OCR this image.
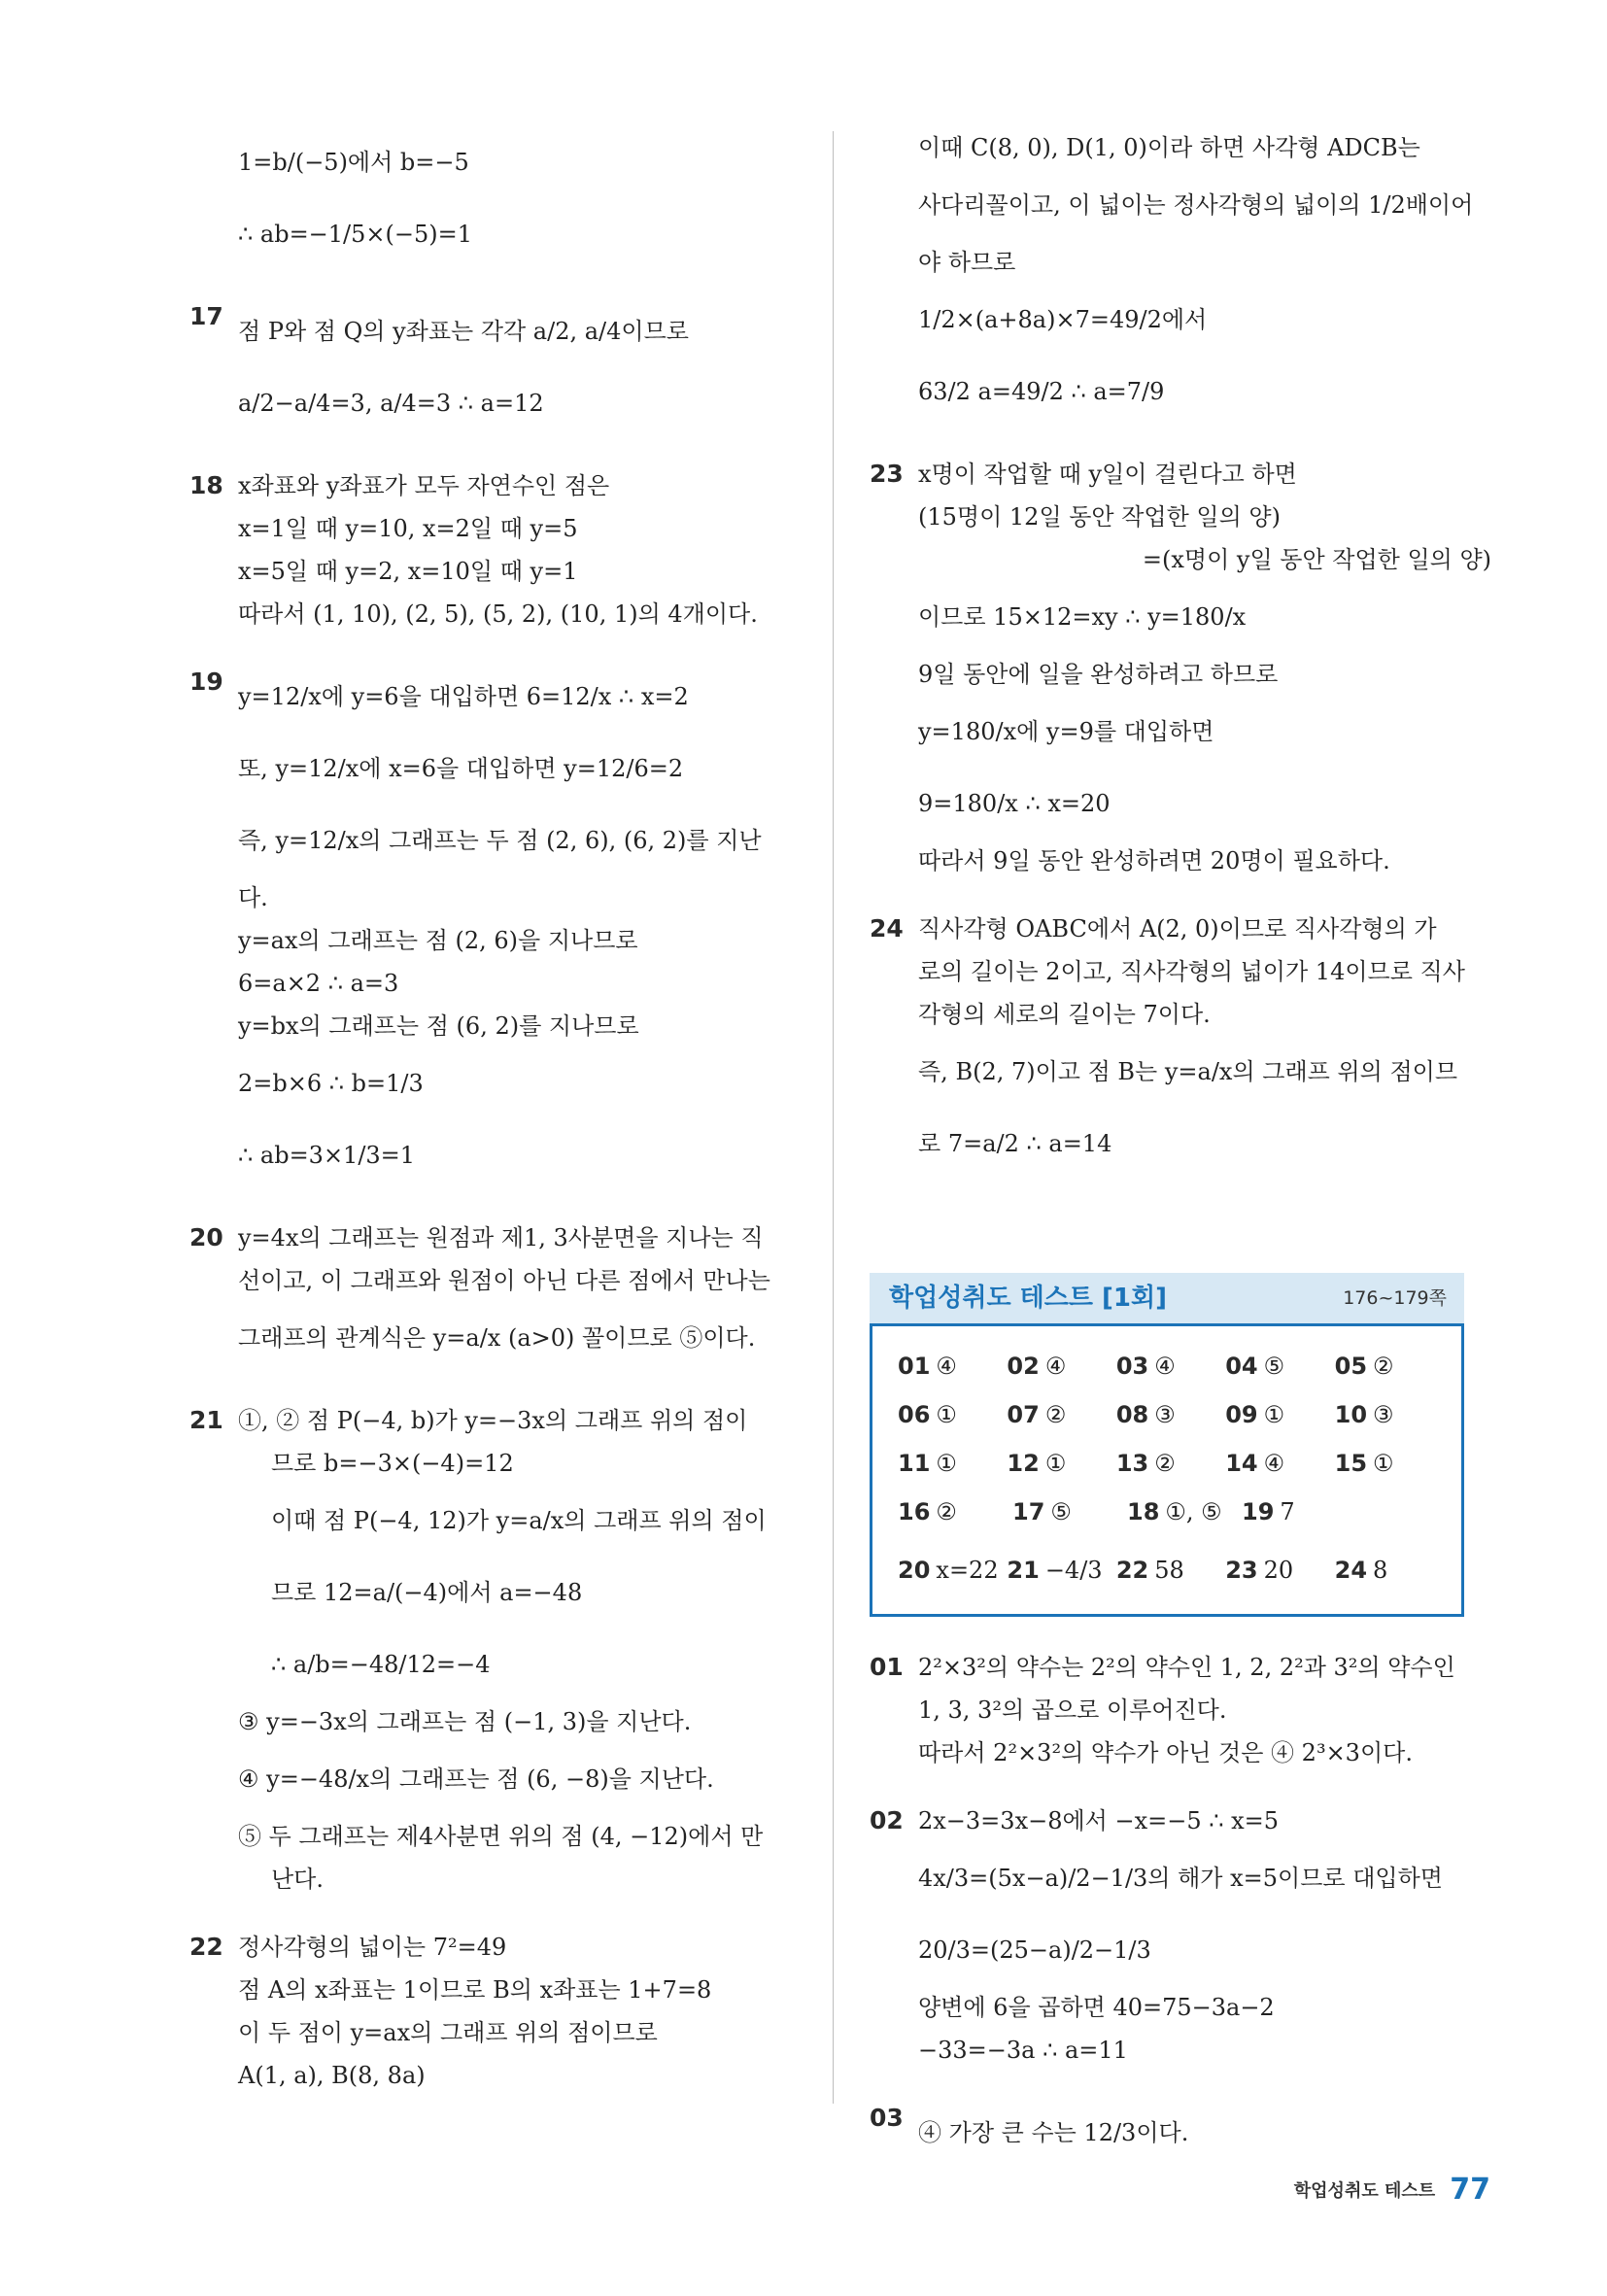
1=b/(−5)에서 b=−5
∴ ab=−1/5×(−5)=1
17
점 P와 점 Q의 y좌표는 각각 a/2, a/4이므로
a/2−a/4=3, a/4=3 ∴ a=12
18 x좌표와 y좌표가 모두 자연수인 점은
x=1일 때 y=10, x=2일 때 y=5
x=5일 때 y=2, x=10일 때 y=1
따라서 (1, 10), (2, 5), (5, 2), (10, 1)의 4개이다.
19
y=12/x에 y=6을 대입하면 6=12/x ∴ x=2
또, y=12/x에 x=6을 대입하면 y=12/6=2
즉, y=12/x의 그래프는 두 점 (2, 6), (6, 2)를 지난
다.
y=ax의 그래프는 점 (2, 6)을 지나므로
6=a×2 ∴ a=3
y=bx의 그래프는 점 (6, 2)를 지나므로
2=b×6 ∴ b=1/3
∴ ab=3×1/3=1
20 y=4x의 그래프는 원점과 제1, 3사분면을 지나는 직
선이고, 이 그래프와 원점이 아닌 다른 점에서 만나는
그래프의 관계식은 y=a/x (a>0) 꼴이므로 ⑤이다.
21 ①, ② 점 P(−4, b)가 y=−3x의 그래프 위의 점이
므로 b=−3×(−4)=12
이때 점 P(−4, 12)가 y=a/x의 그래프 위의 점이
므로 12=a/(−4)에서 a=−48
∴ a/b=−48/12=−4
③ y=−3x의 그래프는 점 (−1, 3)을 지난다.
④ y=−48/x의 그래프는 점 (6, −8)을 지난다.
⑤ 두 그래프는 제4사분면 위의 점 (4, −12)에서 만
난다.
22 정사각형의 넓이는 7²=49
점 A의 x좌표는 1이므로 B의 x좌표는 1+7=8
이 두 점이 y=ax의 그래프 위의 점이므로
A(1, a), B(8, 8a)
이때 C(8, 0), D(1, 0)이라 하면 사각형 ADCB는
사다리꼴이고, 이 넓이는 정사각형의 넓이의 1/2배이어
야 하므로
1/2×(a+8a)×7=49/2에서
63/2 a=49/2 ∴ a=7/9
23 x명이 작업할 때 y일이 걸린다고 하면
(15명이 12일 동안 작업한 일의 양)
=(x명이 y일 동안 작업한 일의 양)
이므로 15×12=xy ∴ y=180/x
9일 동안에 일을 완성하려고 하므로
y=180/x에 y=9를 대입하면
9=180/x ∴ x=20
따라서 9일 동안 완성하려면 20명이 필요하다.
24 직사각형 OABC에서 A(2, 0)이므로 직사각형의 가
로의 길이는 2이고, 직사각형의 넓이가 14이므로 직사
각형의 세로의 길이는 7이다.
즉, B(2, 7)이고 점 B는 y=a/x의 그래프 위의 점이므
로 7=a/2 ∴ a=14
학업성취도 테스트 [1회]	176~179쪽
01 ④	02 ④	03 ④	04 ⑤	05 ②
06 ①	07 ②	08 ③	09 ①	10 ③
11 ①	12 ①	13 ②	14 ④	15 ①
16 ②	17 ⑤	18 ①, ⑤ 19 7
20 x=22 21 −4/3 22 58	23 20	24 8
01 2²×3²의 약수는 2²의 약수인 1, 2, 2²과 3²의 약수인
1, 3, 3²의 곱으로 이루어진다.
따라서 2²×3²의 약수가 아닌 것은 ④ 2³×3이다.
02 2x−3=3x−8에서 −x=−5 ∴ x=5
4x/3=(5x−a)/2−1/3의 해가 x=5이므로 대입하면
20/3=(25−a)/2−1/3
양변에 6을 곱하면 40=75−3a−2
−33=−3a ∴ a=11
03
④ 가장 큰 수는 12/3이다.
학업성취도 테스트 77
